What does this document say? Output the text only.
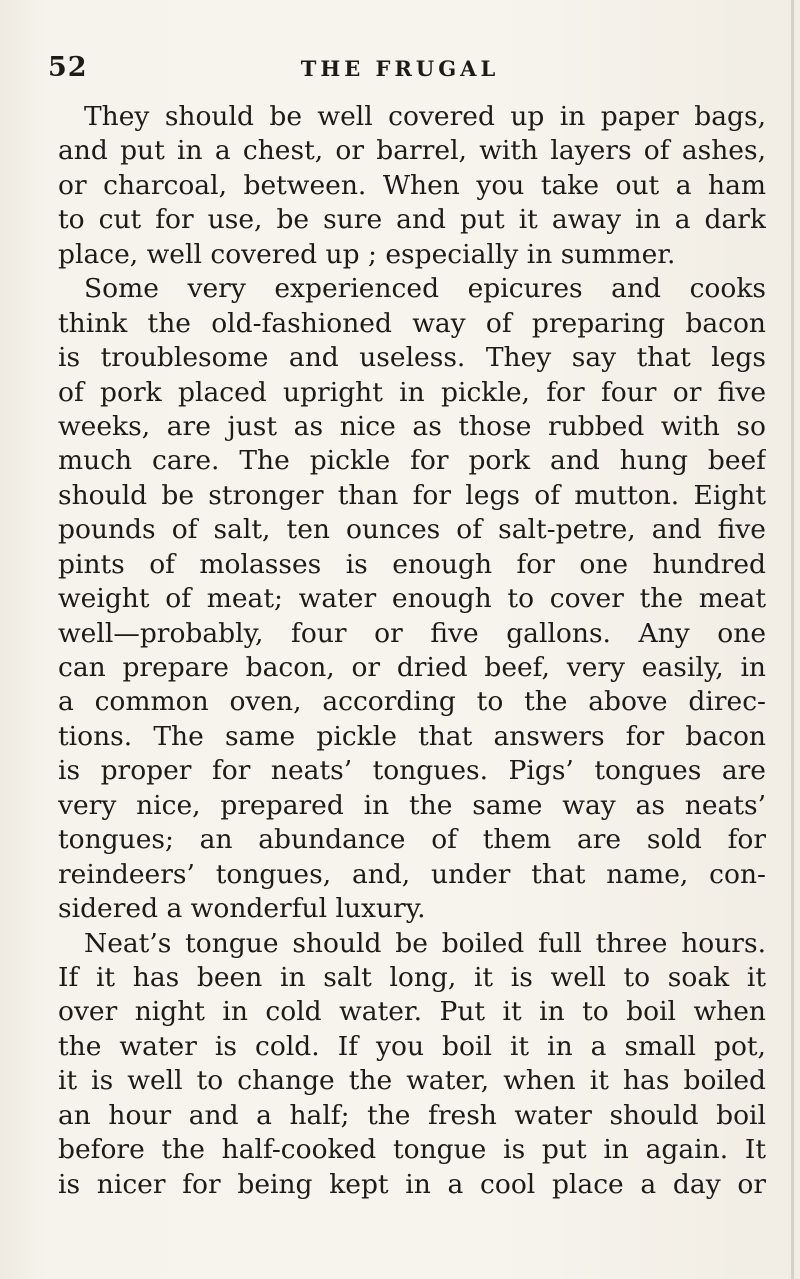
52	THE FRUGAL
They should be well covered up in paper bags,
and put in a chest, or barrel, with layers of ashes,
or charcoal, between. When you take out a ham
to cut for use, be sure and put it away in a dark
place, well covered up ; especially in summer.
Some very experienced epicures and cooks
think the old-fashioned way of preparing bacon
is troublesome and useless. They say that legs
of pork placed upright in pickle, for four or five
weeks, are just as nice as those rubbed with so
much care. The pickle for pork and hung beef
should be stronger than for legs of mutton. Eight
pounds of salt, ten ounces of salt-petre, and five
pints of molasses is enough for one hundred
weight of meat; water enough to cover the meat
well—probably, four or five gallons. Any one
can prepare bacon, or dried beef, very easily, in
a common oven, according to the above direc-
tions. The same pickle that answers for bacon
is proper for neats’ tongues. Pigs’ tongues are
very nice, prepared in the same way as neats’
tongues; an abundance of them are sold for
reindeers’ tongues, and, under that name, con-
sidered a wonderful luxury.
Neat’s tongue should be boiled full three hours.
If it has been in salt long, it is well to soak it
over night in cold water. Put it in to boil when
the water is cold. If you boil it in a small pot,
it is well to change the water, when it has boiled
an hour and a half; the fresh water should boil
before the half-cooked tongue is put in again. It
is nicer for being kept in a cool place a day or
